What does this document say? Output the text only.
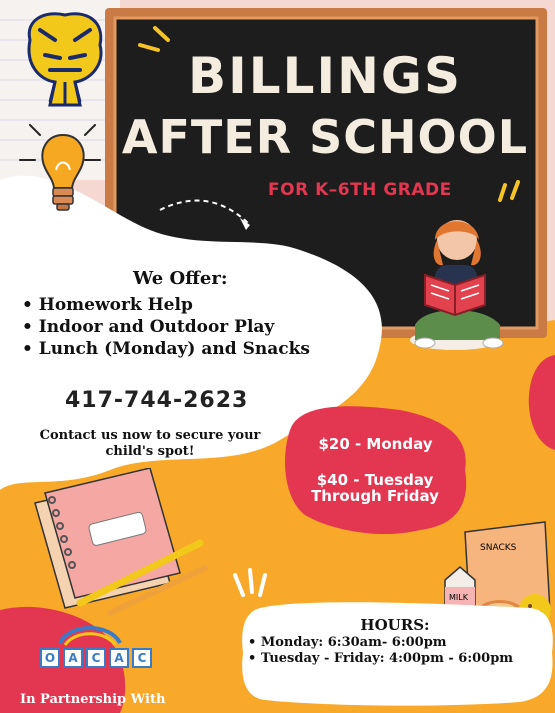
BILLINGS
AFTER SCHOOL
FOR K–6TH GRADE
We Offer:
• Homework Help
• Indoor and Outdoor Play
• Lunch (Monday) and Snacks
417-744-2623
Contact us now to secure your
child's spot!	$20 - Monday
$40 - Tuesday
Through Friday
SNACKS
MILK
HOURS:
• Monday: 6:30am- 6:00pm
• Tuesday - Friday: 4:00pm - 6:00pm
O	A	C	A	C
In Partnership With
